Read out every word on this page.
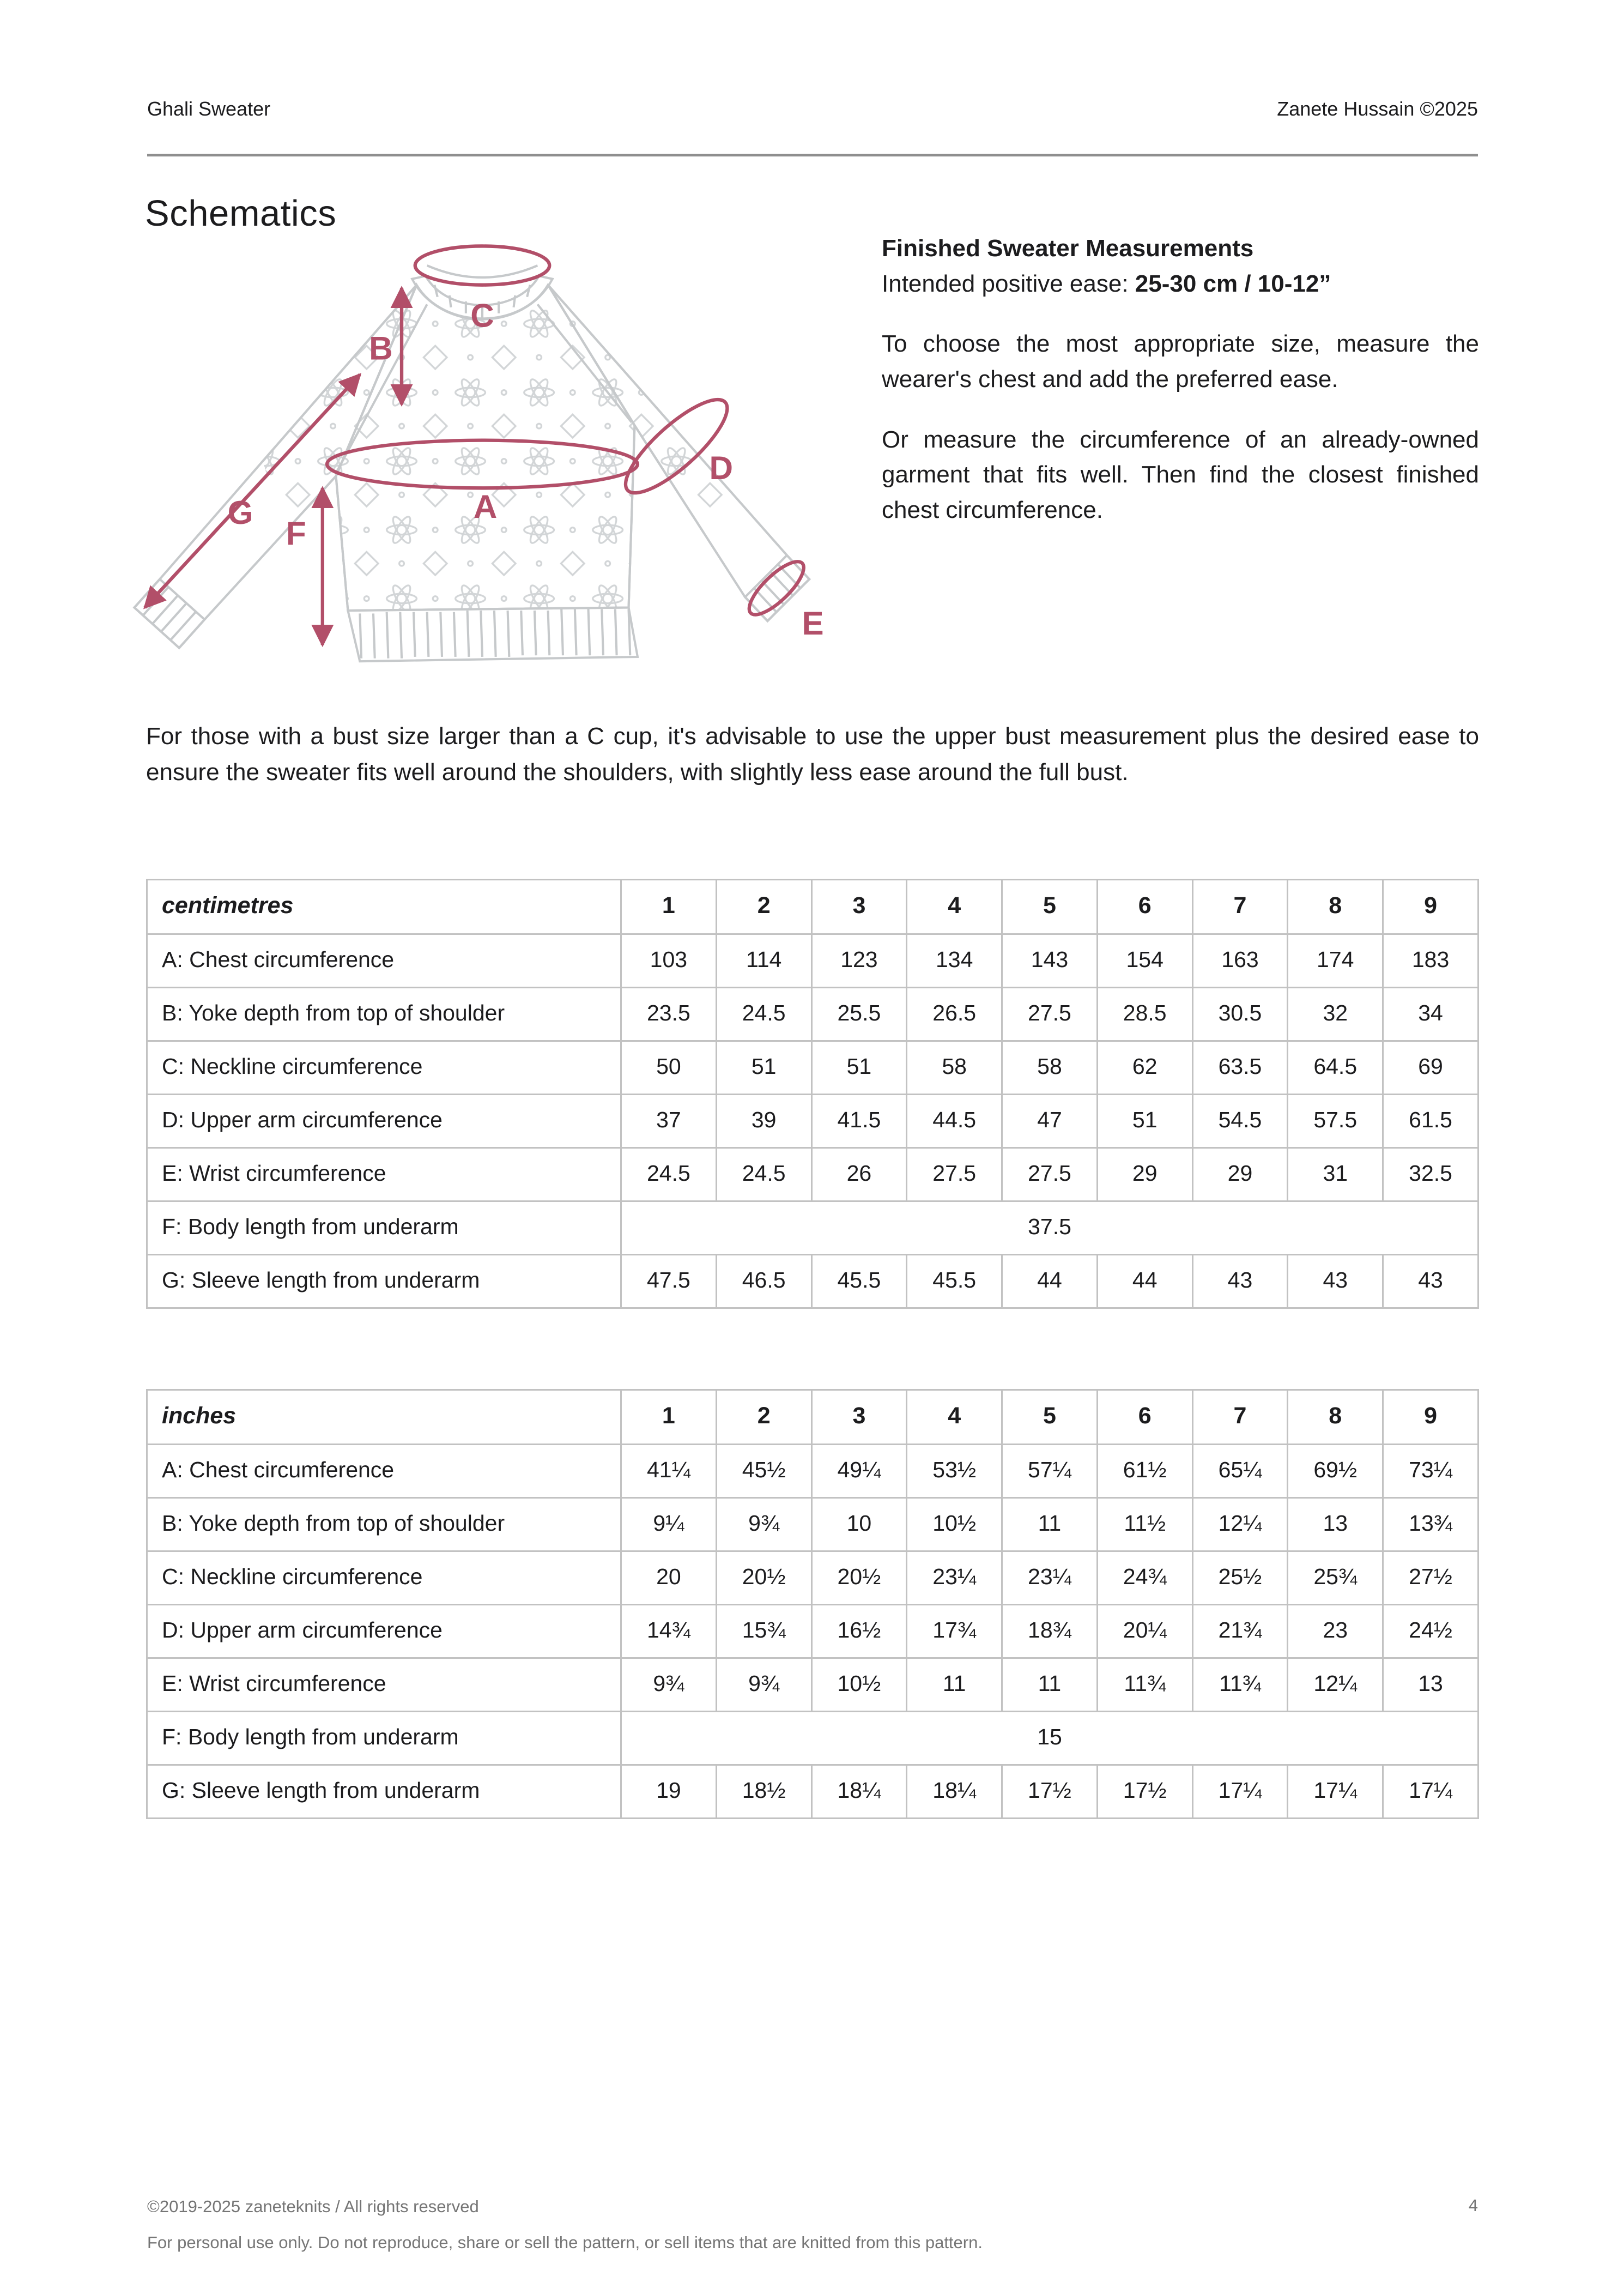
Ghali Sweater	Zanete Hussain ©2025
Schematics
A
B
C
D
E
F
G
Finished Sweater Measurements
Intended positive ease: 25-30 cm / 10-12”

To choose the most appropriate size, measure the wearer's chest and add the preferred ease.

Or measure the circumference of an already-owned garment that fits well. Then find the closest finished chest circumference.

For those with a bust size larger than a C cup, it's advisable to use the upper bust measurement plus the desired ease to ensure the sweater fits well around the shoulders, with slightly less ease around the full bust.
centimetres	1	2	3	4	5	6	7	8	9
A: Chest circumference	103	114	123	134	143	154	163	174	183
B: Yoke depth from top of shoulder	23.5	24.5	25.5	26.5	27.5	28.5	30.5	32	34
C: Neckline circumference	50	51	51	58	58	62	63.5	64.5	69
D: Upper arm circumference	37	39	41.5	44.5	47	51	54.5	57.5	61.5
E: Wrist circumference	24.5	24.5	26	27.5	27.5	29	29	31	32.5
F: Body length from underarm	37.5								
G: Sleeve length from underarm	47.5	46.5	45.5	45.5	44	44	43	43	43
inches	1	2	3	4	5	6	7	8	9
A: Chest circumference	41¼	45½	49¼	53½	57¼	61½	65¼	69½	73¼
B: Yoke depth from top of shoulder	9¼	9¾	10	10½	11	11½	12¼	13	13¾
C: Neckline circumference	20	20½	20½	23¼	23¼	24¾	25½	25¾	27½
D: Upper arm circumference	14¾	15¾	16½	17¾	18¾	20¼	21¾	23	24½
E: Wrist circumference	9¾	9¾	10½	11	11	11¾	11¾	12¼	13
F: Body length from underarm	15								
G: Sleeve length from underarm	19	18½	18¼	18¼	17½	17½	17¼	17¼	17¼

©2019-2025 zaneteknits / All rights reserved

For personal use only. Do not reproduce, share or sell the pattern, or sell items that are knitted from this pattern.

4
